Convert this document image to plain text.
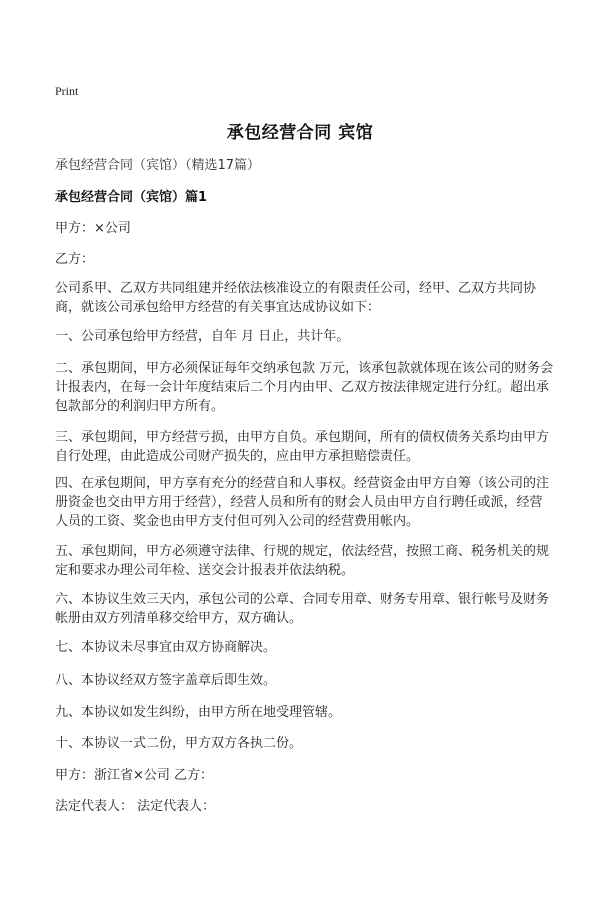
Print
承包经营合同 宾馆
承包经营合同（宾馆）（精选17篇）
承包经营合同（宾馆）篇1
甲方：×公司
乙方：
公司系甲、乙双方共同组建并经依法核准设立的有限责任公司，经甲、乙双方共同协商，就该公司承包给甲方经营的有关事宜达成协议如下：
一、公司承包给甲方经营，自年 月 日止，共计年。
二、承包期间，甲方必须保证每年交纳承包款 万元，该承包款就体现在该公司的财务会计报表内，在每一会计年度结束后二个月内由甲、乙双方按法律规定进行分红。超出承包款部分的利润归甲方所有。
三、承包期间，甲方经营亏损，由甲方自负。承包期间，所有的债权债务关系均由甲方自行处理，由此造成公司财产损失的，应由甲方承担赔偿责任。
四、在承包期间，甲方享有充分的经营自和人事权。经营资金由甲方自筹（该公司的注册资金也交由甲方用于经营），经营人员和所有的财会人员由甲方自行聘任或派，经营人员的工资、奖金也由甲方支付但可列入公司的经营费用帐内。
五、承包期间，甲方必须遵守法律、行规的规定，依法经营，按照工商、税务机关的规定和要求办理公司年检、送交会计报表并依法纳税。
六、本协议生效三天内，承包公司的公章、合同专用章、财务专用章、银行帐号及财务帐册由双方列清单移交给甲方，双方确认。
七、本协议未尽事宜由双方协商解决。
八、本协议经双方签字盖章后即生效。
九、本协议如发生纠纷，由甲方所在地受理管辖。
十、本协议一式二份，甲方双方各执二份。
甲方：浙江省×公司 乙方：
法定代表人： 法定代表人：
